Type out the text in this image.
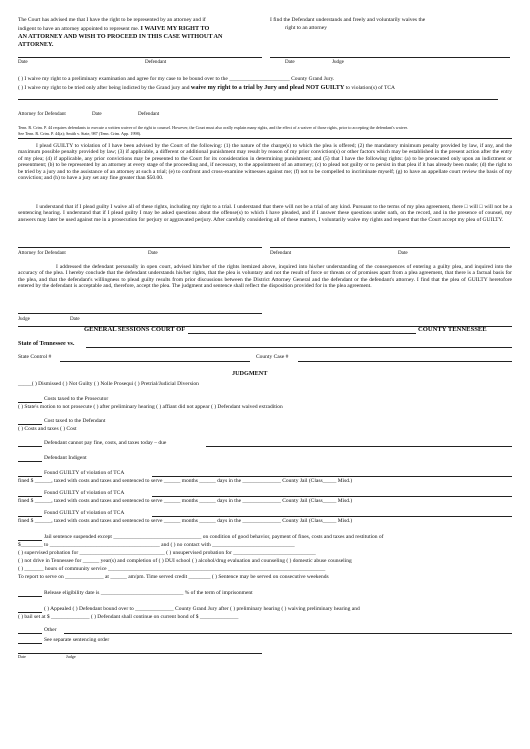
The Court has advised me that I have the right to be represented by an attorney and if

indigent to have an attorney appointed to represent me. I WAIVE MY RIGHT TO

AN ATTORNEY AND WISH TO PROCEED IN THIS CASE WITHOUT AN

ATTORNEY.

I find the Defendant understands and freely and voluntarily waives the

right to an attorney

Date	Defendant	Date	Judge

( ) I waive my right to a preliminary examination and agree for my case to be bound over to the ______________________ County Grand Jury.

( ) I waive my right to be tried only after being indicted by the Grand jury and waive my right to a trial by Jury and plead NOT GUILTY to violation(s) of TCA

Attorney for Defendant	Date	Defendant

Tenn. R. Crim. P. 44 requires defendants to execute a written waiver of the right to counsel. However, the Court must also orally explain many rights, and the effect of a waiver of those rights, prior to accepting the defendant's waiver.

See Tenn. R. Crim. P. 44(a); Smith v. State, 987 (Tenn. Crim. App. 1998).

I plead GUILTY to violation of I have been advised by the Court of the following: (1) the nature of the charge(s) to which the plea is offered; (2) the mandatory minimum penalty provided by law, if any, and the maximum possible penalty provided by law; (3) if applicable, a different or additional punishment may result by reason of my prior conviction(s) or other factors which may be established in the present action after the entry of my plea; (4) if applicable, any prior convictions may be presented to the Court for its consideration in determining punishment; and (5) that I have the following rights: (a) to be prosecuted only upon an indictment or presentment; (b) to be represented by an attorney at every stage of the proceeding and, if necessary, to the appointment of an attorney; (c) to plead not guilty or to persist in that plea if it has already been made; (d) the right to be tried by a jury and to the assistance of an attorney at such a trial; (e) to confront and cross-examine witnesses against me; (f) not to be compelled to incriminate myself; (g) to have an appellate court review the basis of my conviction; and (h) to have a jury set any fine greater than $50.00.

I understand that if I plead guilty I waive all of these rights, including my right to a trial. I understand that there will not be a trial of any kind. Pursuant to the terms of my plea agreement, there □ will □ will not be a sentencing hearing. I understand that if I plead guilty I may be asked questions about the offense(s) to which I have pleaded, and if I answer these questions under oath, on the record, and in the presence of counsel, my answers may later be used against me in a prosecution for perjury or aggravated perjury. After carefully considering all of these matters, I voluntarily waive my rights and request that the Court accept my plea of GUILTY.

Attorney for Defendant	Date	Defendant	Date

I addressed the defendant personally in open court, advised him/her of the rights itemized above, inquired into his/her understanding of the consequences of entering a guilty plea, and inquired into the accuracy of the plea. I hereby conclude that the defendant understands his/her rights, that the plea is voluntary and not the result of force or threats or of promises apart from a plea agreement, that there is a factual basis for the plea, and that the defendant's willingness to plead guilty results from prior discussions between the District Attorney General and the defendant or the defendant's attorney. I find that the plea of GUILTY heretofore entered by the defendant is acceptable and, therefore, accept the plea. The judgment and sentence shall reflect the disposition provided for in the plea agreement.

Judge	Date

GENERAL SESSIONS COURT OF	COUNTY TENNESSEE

State of Tennessee vs.

State Control #	County Case #

JUDGMENT

_____( ) Dismissed ( ) Not Guilty ( ) Nolle Prosequi ( ) Pretrial/Judicial Diversion

Costs taxed to the Prosecutor

( ) State's motion to not prosecute ( ) after preliminary hearing ( ) affiant did not appear ( ) Defendant waived extradition

Cost taxed to the Defendant

( ) Costs and taxes ( ) Cost

Defendant cannot pay fine, costs, and taxes today – due

Defendant Indigent

Found GUILTY of violation of TCA

fined $ ______, taxed with costs and taxes and sentenced to serve ______ months ______ days in the ______________ County Jail (Class_____ Misd.)

Found GUILTY of violation of TCA

fined $ ______, taxed with costs and taxes and sentenced to serve ______ months ______ days in the ______________ County Jail (Class_____ Misd.)

Found GUILTY of violation of TCA

fined $ ______, taxed with costs and taxes and sentenced to serve ______ months ______ days in the ______________ County Jail (Class_____ Misd.)

Jail sentence suspended except ________________________________ on condition of good behavior, payment of fines, costs and taxes and restitution of

$________ to ________________________________________ and ( ) no contact with ______________________________

( ) supervised probation for _______________________________ ( ) unsupervised probation for ______________________________

( ) not drive in Tennessee for ______ year(s) and completion of ( ) DUI school ( ) alcohol/drug evaluation and counseling ( ) domestic abuse counseling

( ) _______ hours of community service _______________________________________________________________________________

To report to serve on ______________ at ______ am/pm. Time served credit ________ ( ) Sentence may be served on consecutive weekends

Release eligibility date is ______________________________ % of the term of imprisonment

( ) Appealed ( ) Defendant bound over to ______________ County Grand Jury after ( ) preliminary hearing ( ) waiving preliminary hearing and

( ) bail set at $ ______________ ( ) Defendant shall continue on current bond of $ ______________

Other

See separate sentencing order

Date	Judge
